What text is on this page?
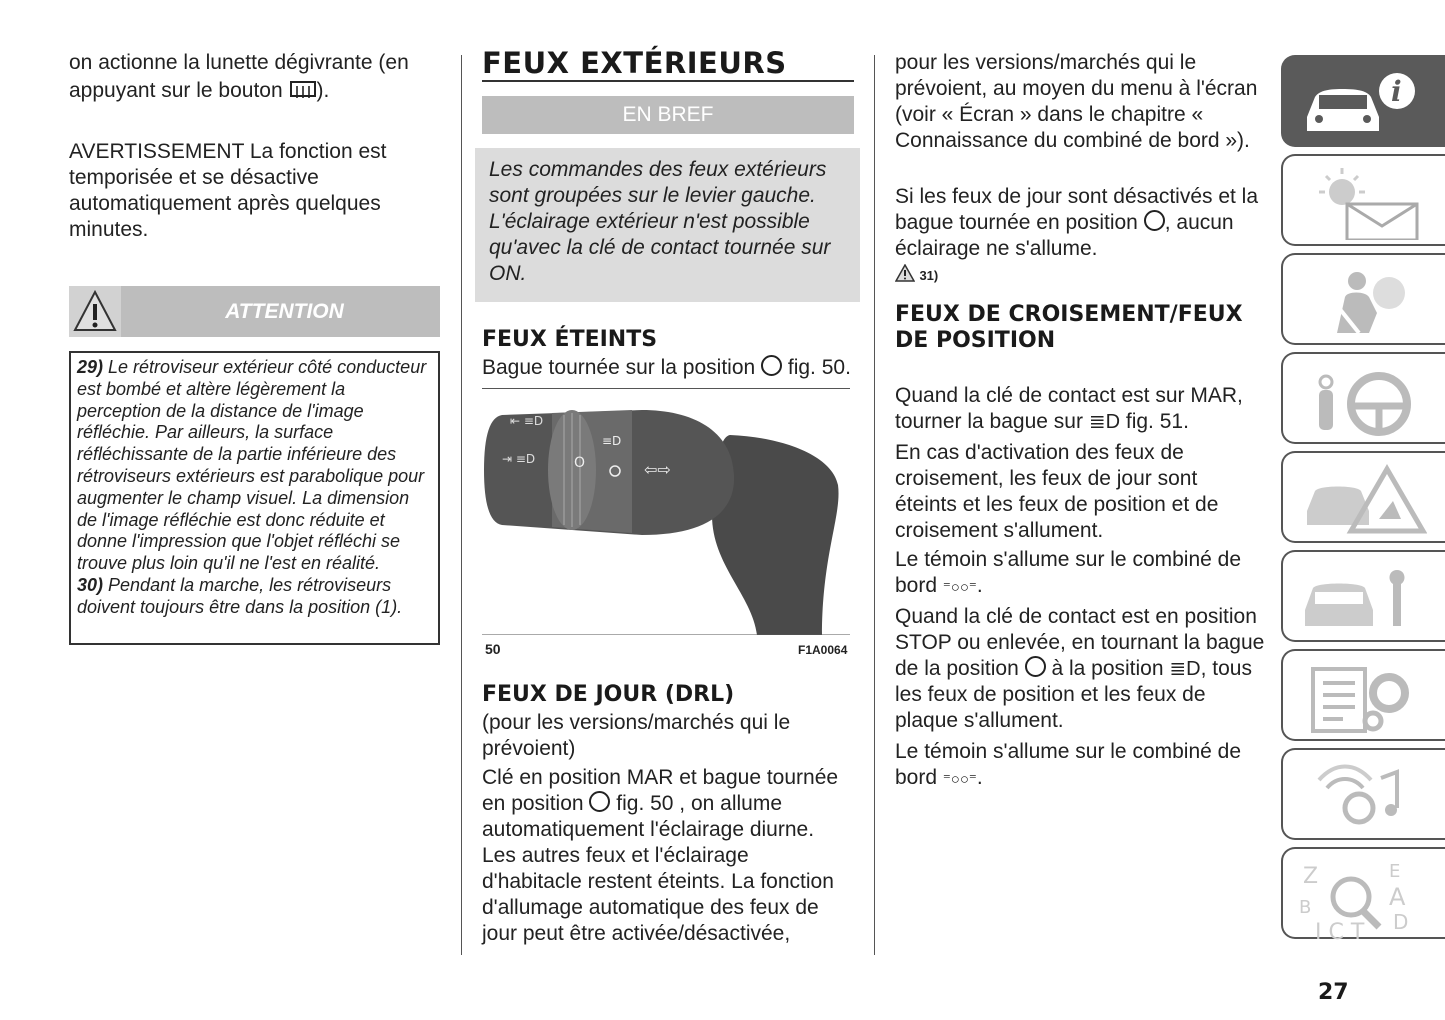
on actionne la lunette dégivrante (en

appuyant sur le bouton ).

AVERTISSEMENT La fonction est temporisée et se désactive automatiquement après quelques minutes.

ATTENTION

29) Le rétroviseur extérieur côté conducteur est bombé et altère légèrement la perception de la distance de l'image réfléchie. Par ailleurs, la surface réfléchissante de la partie inférieure des rétroviseurs extérieurs est parabolique pour augmenter le champ visuel. La dimension de l'image réfléchie est donc réduite et donne l'impression que l'objet réfléchi se trouve plus loin qu'il ne l'est en réalité.
30) Pendant la marche, les rétroviseurs doivent toujours être dans la position (1).

FEUX EXTÉRIEURS
EN BREF

Les commandes des feux extérieurs sont groupées sur le levier gauche. L'éclairage extérieur n'est possible qu'avec la clé de contact tournée sur ON.

FEUX ÉTEINTS

Bague tournée sur la position fig. 50.

⇤ ≡D
⇥ ≡D
≡D
O	⇦⇨
50	F1A0064
FEUX DE JOUR (DRL)

(pour les versions/marchés qui le prévoient)

Clé en position MAR et bague tournée en position fig. 50 , on allume automatiquement l'éclairage diurne. Les autres feux et l'éclairage d'habitacle restent éteints. La fonction d'allumage automatique des feux de jour peut être activée/désactivée,

pour les versions/marchés qui le prévoient, au moyen du menu à l'écran (voir « Écran » dans le chapitre « Connaissance du combiné de bord »).

Si les feux de jour sont désactivés et la bague tournée en position , aucun éclairage ne s'allume.

31)
FEUX DE CROISEMENT/FEUX DE POSITION

Quand la clé de contact est sur MAR, tourner la bague sur ≣D fig. 51.

En cas d'activation des feux de croisement, les feux de jour sont éteints et les feux de position et de croisement s'allument.

Le témoin s'allume sur le combiné de bord ⁼○○⁼.

Quand la clé de contact est en position STOP ou enlevée, en tournant la bague de la position à la position ≣D, tous les feux de position et les feux de plaque s'allument.

Le témoin s'allume sur le combiné de bord ⁼○○⁼.

i
Z	E
A
B
D
I C T
27
